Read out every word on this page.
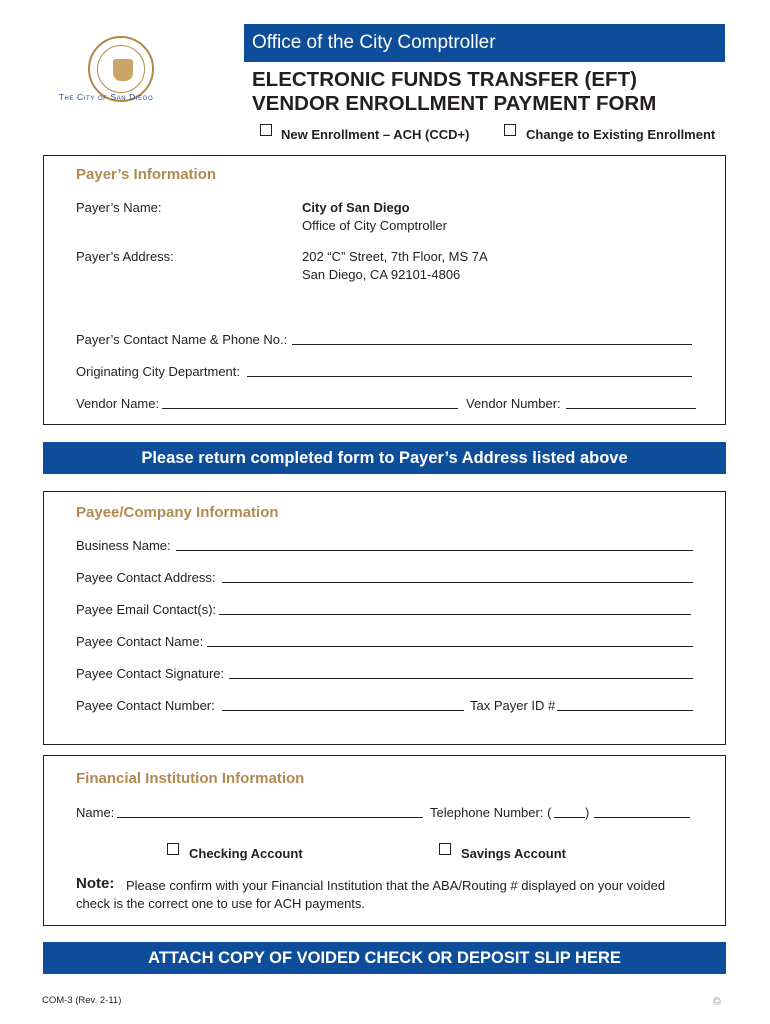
The City of San Diego
Office of the City Comptroller
ELECTRONIC FUNDS TRANSFER (EFT)
VENDOR ENROLLMENT PAYMENT FORM
New Enrollment – ACH (CCD+)	Change to Existing Enrollment
Payer’s Information
Payer’s Name:	City of San Diego
Office of City Comptroller
Payer’s Address:	202 “C” Street, 7th Floor, MS 7A
San Diego, CA 92101-4806
Payer’s Contact Name & Phone No.:
Originating City Department:
Vendor Name:	Vendor Number:
Please return completed form to Payer’s Address listed above
Payee/Company Information
Business Name:
Payee Contact Address:
Payee Email Contact(s):
Payee Contact Name:
Payee Contact Signature:
Payee Contact Number:	Tax Payer ID #
Financial Institution Information
Name:	Telephone Number: (	)
Checking Account	Savings Account
Note: Please confirm with your Financial Institution that the ABA/Routing # displayed on your voided
check is the correct one to use for ACH payments.
ATTACH COPY OF VOIDED CHECK OR DEPOSIT SLIP HERE
COM-3 (Rev. 2-11)	♲
